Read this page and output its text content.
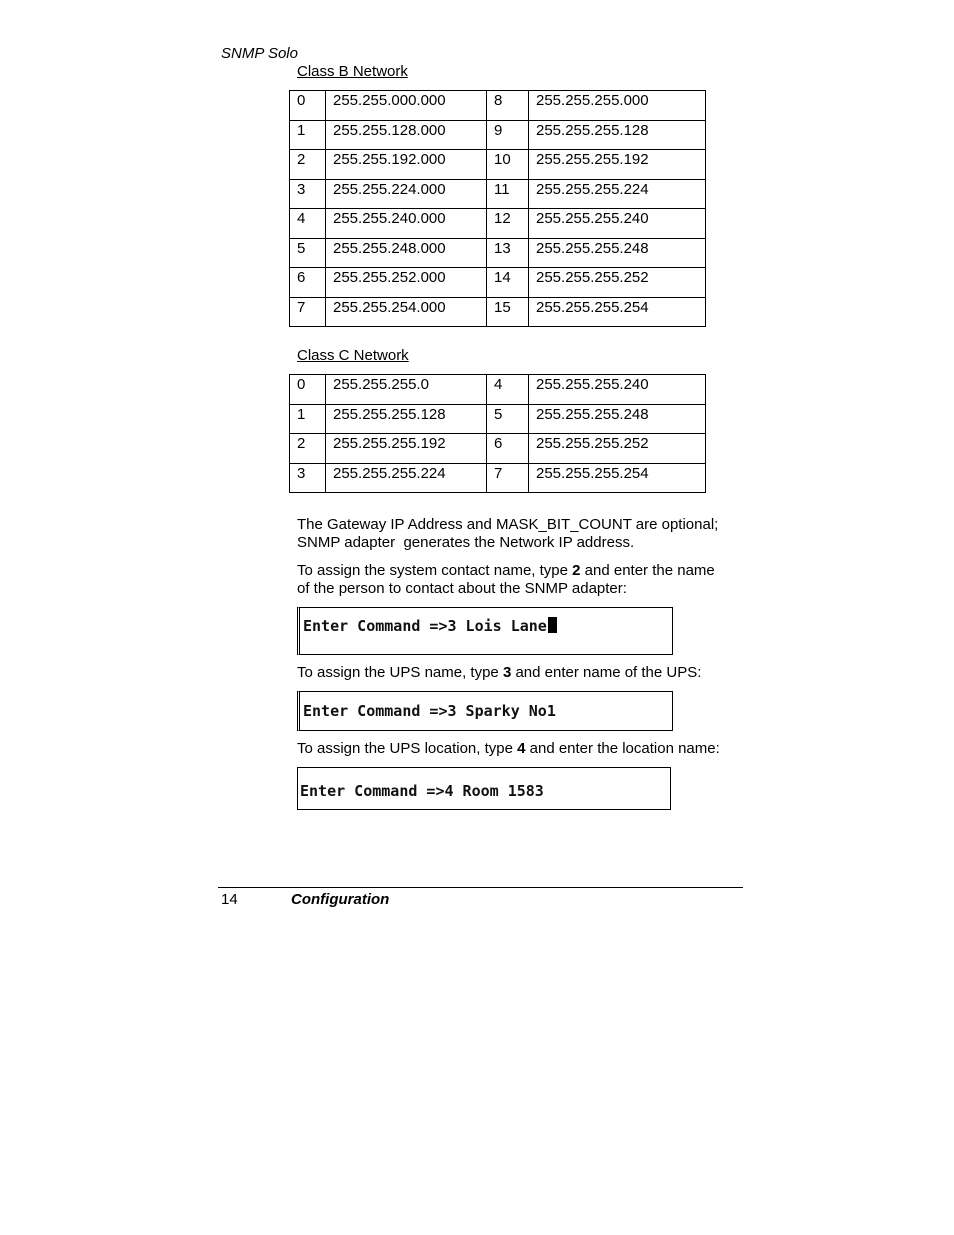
SNMP Solo
Class B Network
0	255.255.000.000	8	255.255.255.000
1	255.255.128.000	9	255.255.255.128
2	255.255.192.000	10	255.255.255.192
3	255.255.224.000	11	255.255.255.224
4	255.255.240.000	12	255.255.255.240
5	255.255.248.000	13	255.255.255.248
6	255.255.252.000	14	255.255.255.252
7	255.255.254.000	15	255.255.255.254
Class C Network
0	255.255.255.0	4	255.255.255.240
1	255.255.255.128	5	255.255.255.248
2	255.255.255.192	6	255.255.255.252
3	255.255.255.224	7	255.255.255.254
The Gateway IP Address and MASK_BIT_COUNT are optional;
SNMP adapter  generates the Network IP address.
To assign the system contact name, type 2 and enter the name
of the person to contact about the SNMP adapter:
Enter Command =>3 Lois Lane
To assign the UPS name, type 3 and enter name of the UPS:
Enter Command =>3 Sparky No1
To assign the UPS location, type 4 and enter the location name:
Enter Command =>4 Room 1583
14	Configuration
